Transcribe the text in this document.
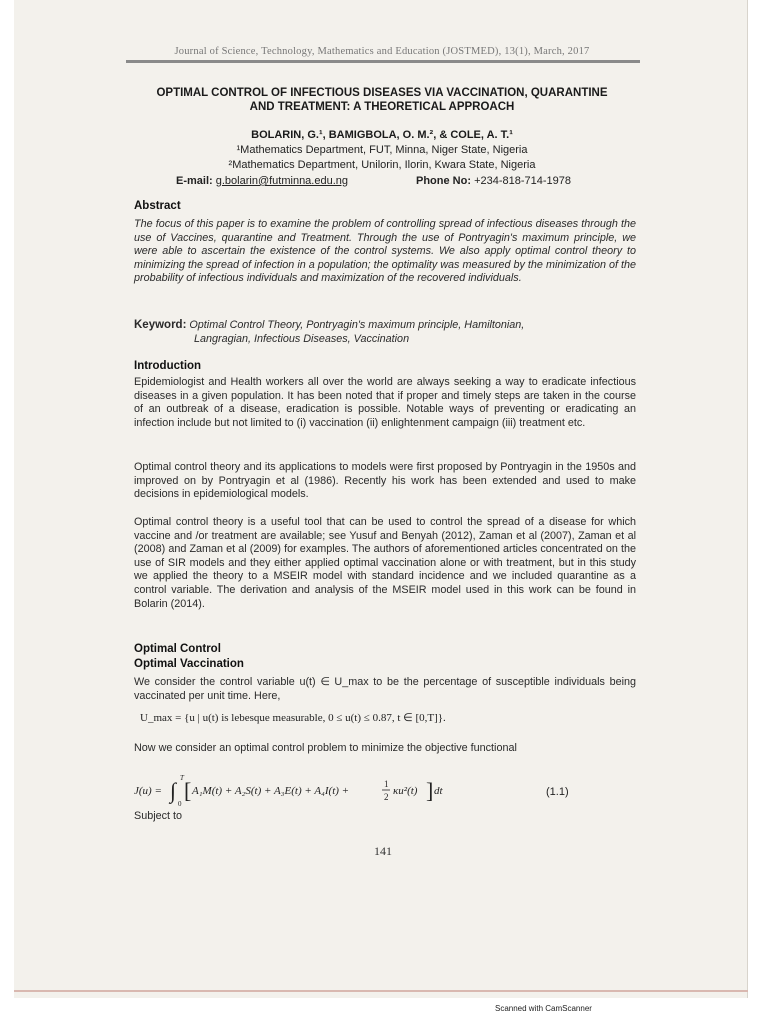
Journal of Science, Technology, Mathematics and Education (JOSTMED), 13(1), March, 2017
OPTIMAL CONTROL OF INFECTIOUS DISEASES VIA VACCINATION, QUARANTINE
AND TREATMENT: A THEORETICAL APPROACH
BOLARIN, G.¹, BAMIGBOLA, O. M.², & COLE, A. T.¹
¹Mathematics Department, FUT, Minna, Niger State, Nigeria
²Mathematics Department, Unilorin, Ilorin, Kwara State, Nigeria
E-mail: g.bolarin@futminna.edu.ng	Phone No: +234-818-714-1978
Abstract

The focus of this paper is to examine the problem of controlling spread of infectious diseases through the use of Vaccines, quarantine and Treatment. Through the use of Pontryagin's maximum principle, we were able to ascertain the existence of the control systems. We also apply optimal control theory to minimizing the spread of infection in a population; the optimality was measured by the minimization of the probability of infectious individuals and maximization of the recovered individuals.

Keyword: Optimal Control Theory, Pontryagin's maximum principle, Hamiltonian,
Langragian, Infectious Diseases, Vaccination
Introduction

Epidemiologist and Health workers all over the world are always seeking a way to eradicate infectious diseases in a given population. It has been noted that if proper and timely steps are taken in the course of an outbreak of a disease, eradication is possible. Notable ways of preventing or eradicating an infection include but not limited to (i) vaccination (ii) enlightenment campaign (iii) treatment etc.

Optimal control theory and its applications to models were first proposed by Pontryagin in the 1950s and improved on by Pontryagin et al (1986). Recently his work has been extended and used to make decisions in epidemiological models.

Optimal control theory is a useful tool that can be used to control the spread of a disease for which vaccine and /or treatment are available; see Yusuf and Benyah (2012), Zaman et al (2007), Zaman et al (2008) and Zaman et al (2009) for examples. The authors of aforementioned articles concentrated on the use of SIR models and they either applied optimal vaccination alone or with treatment, but in this study we applied the theory to a MSEIR model with standard incidence and we included quarantine as a control variable. The derivation and analysis of the MSEIR model used in this work can be found in Bolarin (2014).

Optimal Control
Optimal Vaccination

We consider the control variable u(t) ∈ U_max to be the percentage of susceptible individuals being vaccinated per unit time. Here,

U_max = {u | u(t) is lebesque measurable, 0 ≤ u(t) ≤ 0.87, t ∈ [0,T]}.
Now we consider an optimal control problem to minimize the objective functional
J(u) = ∫ T
0
[ A₁M(t) + A₂S(t) + A₃E(t) + A₄I(t) +
1
2 κu²(t) ] dt	(1.1)
Subject to
141
Scanned with CamScanner
